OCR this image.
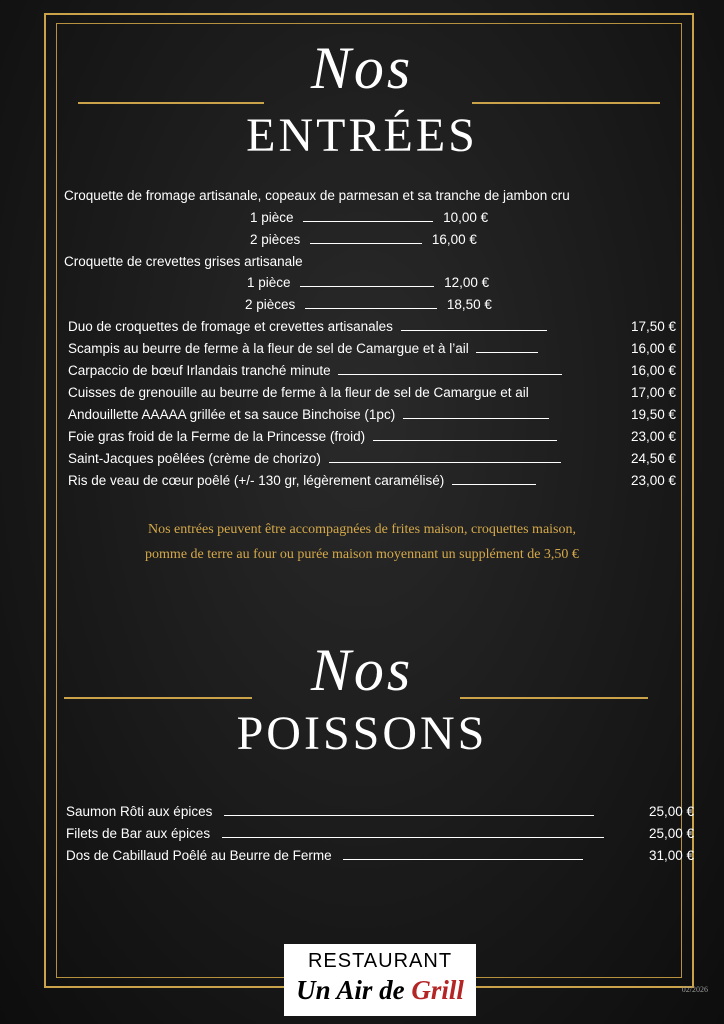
Nos
ENTRÉES
Croquette de fromage artisanale, copeaux de parmesan et sa tranche de jambon cru
1 pièce	10,00 €
2 pièces	16,00 €
Croquette de crevettes grises artisanale
1 pièce	12,00 €
2 pièces	18,50 €
Duo de croquettes de fromage et crevettes artisanales	17,50 €
Scampis au beurre de ferme à la fleur de sel de Camargue et à l’ail	16,00 €
Carpaccio de bœuf Irlandais tranché minute	16,00 €
Cuisses de grenouille au beurre de ferme à la fleur de sel de Camargue et ail	17,00 €
Andouillette AAAAA grillée et sa sauce Binchoise (1pc)	19,50 €
Foie gras froid de la Ferme de la Princesse (froid)	23,00 €
Saint-Jacques poêlées (crème de chorizo)	24,50 €
Ris de veau de cœur poêlé (+/- 130 gr, légèrement caramélisé)	23,00 €
Nos entrées peuvent être accompagnées de frites maison, croquettes maison,
pomme de terre au four ou purée maison moyennant un supplément de 3,50 €
Nos
POISSONS
Saumon Rôti aux épices	25,00 €
Filets de Bar aux épices	25,00 €
Dos de Cabillaud Poêlé au Beurre de Ferme	31,00 €
RESTAURANT
Un Air de Grill	02/2026
